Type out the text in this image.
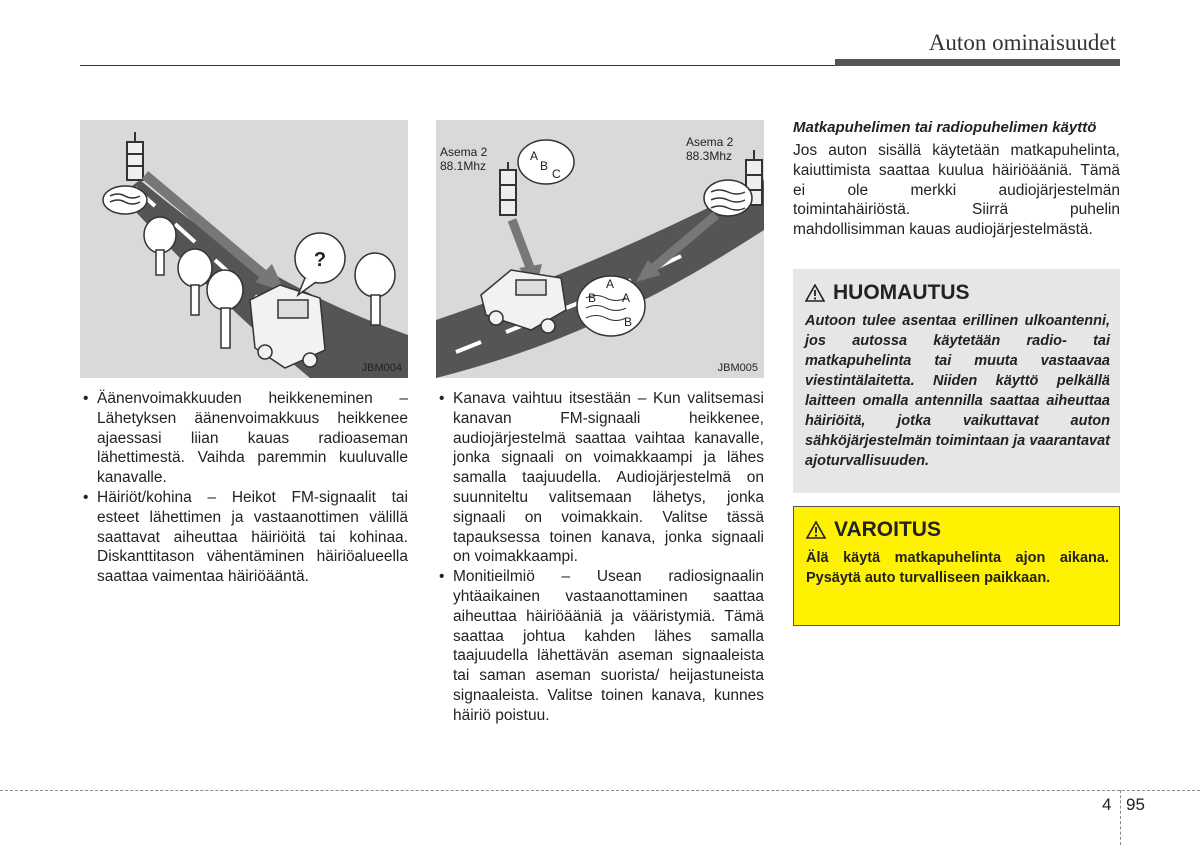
Auton ominaisuudet
?
JBM004
Asema 2
88.1Mhz
A
B
C
Asema 2
88.3Mhz
A
B A
B
JBM005
• Äänenvoimakkuuden heikkeneminen – Lähetyksen äänenvoimakkuus heikkenee ajaessasi liian kauas radioaseman lähettimestä. Vaihda paremmin kuuluvalle kanavalle.
• Häiriöt/kohina – Heikot FM-signaalit tai esteet lähettimen ja vastaanottimen välillä saattavat aiheuttaa häiriöitä tai kohinaa. Diskanttitason vähentäminen häiriöalueella saattaa vaimentaa häiriöääntä.
• Kanava vaihtuu itsestään – Kun valitsemasi kanavan FM-signaali heikkenee, audiojärjestelmä saattaa vaihtaa kanavalle, jonka signaali on voimakkaampi ja lähes samalla taajuudella. Audiojärjestelmä on suunniteltu valitsemaan lähetys, jonka signaali on voimakkain. Valitse tässä tapauksessa toinen kanava, jonka signaali on voimakkaampi.
• Monitieilmiö – Usean radiosignaalin yhtäaikainen vastaanottaminen saattaa aiheuttaa häiriöääniä ja vääristymiä. Tämä saattaa johtua kahden lähes samalla taajuudella lähettävän aseman signaaleista tai saman aseman suorista/ heijastuneista signaaleista. Valitse toinen kanava, kunnes häiriö poistuu.
Matkapuhelimen tai radiopuhelimen käyttö
Jos auton sisällä käytetään matkapuhelinta, kaiuttimista saattaa kuulua häiriöääniä. Tämä ei ole merkki audiojärjestelmän toimintahäiriöstä. Siirrä puhelin mahdollisimman kauas audiojärjestelmästä.
HUOMAUTUS
Autoon tulee asentaa erillinen ulkoantenni, jos autossa käytetään radio- tai matkapuhelinta tai muuta vastaavaa viestintälaitetta. Niiden käyttö pelkällä laitteen omalla antennilla saattaa aiheuttaa häiriöitä, jotka vaikuttavat auton sähköjärjestelmän toimintaan ja vaarantavat ajoturvallisuuden.
VAROITUS
Älä käytä matkapuhelinta ajon aikana. Pysäytä auto turvalliseen paikkaan.
4 95
